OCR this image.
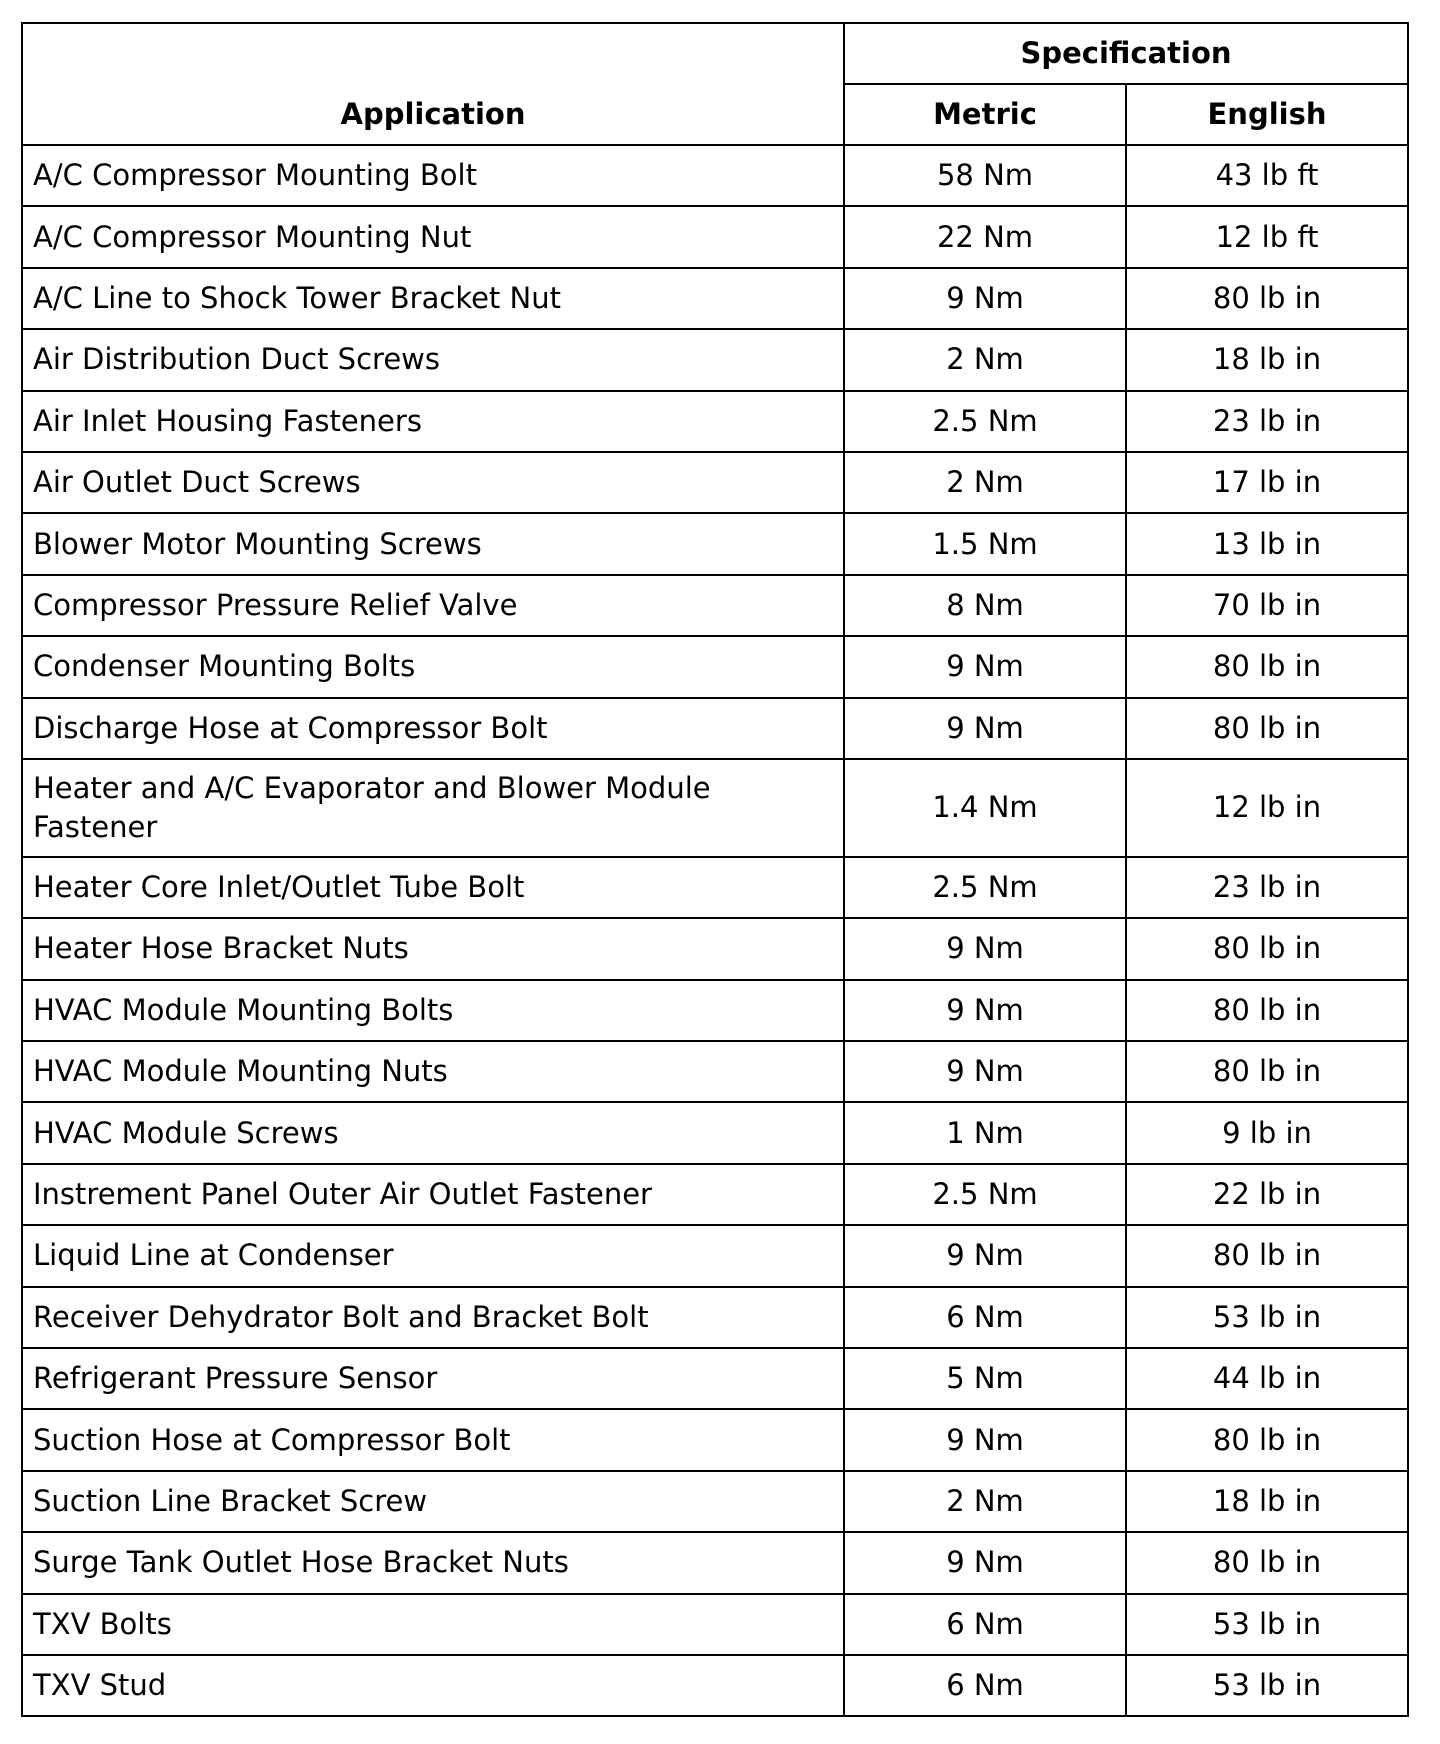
Application	Specification	
	Metric	English
A/C Compressor Mounting Bolt	58 Nm	43 lb ft
A/C Compressor Mounting Nut	22 Nm	12 lb ft
A/C Line to Shock Tower Bracket Nut	9 Nm	80 lb in
Air Distribution Duct Screws	2 Nm	18 lb in
Air Inlet Housing Fasteners	2.5 Nm	23 lb in
Air Outlet Duct Screws	2 Nm	17 lb in
Blower Motor Mounting Screws	1.5 Nm	13 lb in
Compressor Pressure Relief Valve	8 Nm	70 lb in
Condenser Mounting Bolts	9 Nm	80 lb in
Discharge Hose at Compressor Bolt	9 Nm	80 lb in
Heater and A/C Evaporator and Blower Module Fastener	1.4 Nm	12 lb in
Heater Core Inlet/Outlet Tube Bolt	2.5 Nm	23 lb in
Heater Hose Bracket Nuts	9 Nm	80 lb in
HVAC Module Mounting Bolts	9 Nm	80 lb in
HVAC Module Mounting Nuts	9 Nm	80 lb in
HVAC Module Screws	1 Nm	9 lb in
Instrement Panel Outer Air Outlet Fastener	2.5 Nm	22 lb in
Liquid Line at Condenser	9 Nm	80 lb in
Receiver Dehydrator Bolt and Bracket Bolt	6 Nm	53 lb in
Refrigerant Pressure Sensor	5 Nm	44 lb in
Suction Hose at Compressor Bolt	9 Nm	80 lb in
Suction Line Bracket Screw	2 Nm	18 lb in
Surge Tank Outlet Hose Bracket Nuts	9 Nm	80 lb in
TXV Bolts	6 Nm	53 lb in
TXV Stud	6 Nm	53 lb in
